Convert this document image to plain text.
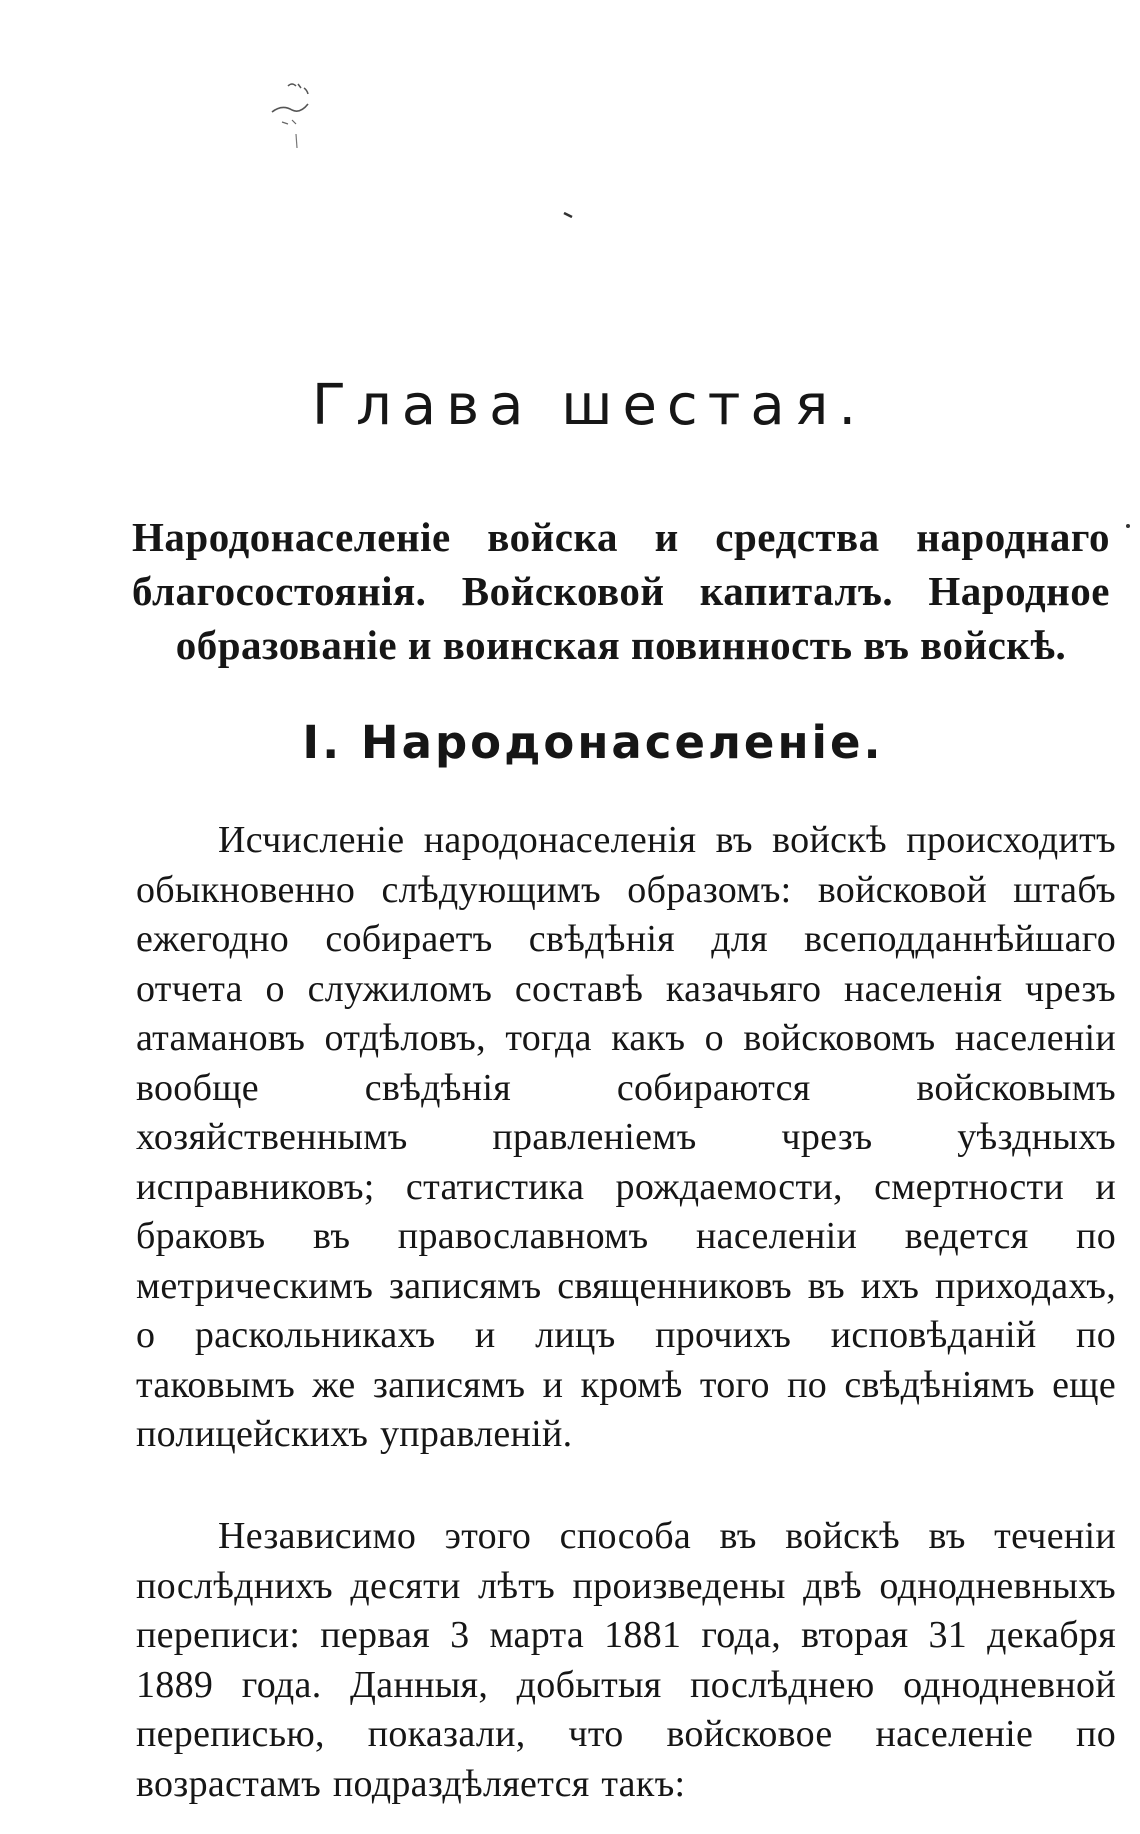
Глава шестая.

Народонаселеніе войска и средства народнаго благосостоянія. Войсковой капиталъ. Народное образованіе и воинская повинность въ войскѣ.

I. Народонаселеніе.

Исчисленіе народонаселенія въ войскѣ происходитъ обыкновенно слѣдующимъ образомъ: войсковой штабъ ежегодно собираетъ свѣдѣнія для всеподданнѣйшаго отчета о служиломъ составѣ казачьяго населенія чрезъ атамановъ отдѣловъ, тогда какъ о войсковомъ населеніи вообще свѣдѣнія собираются войсковымъ хозяйственнымъ правленіемъ чрезъ уѣздныхъ исправниковъ; статистика рождаемости, смертности и браковъ въ православномъ населеніи ведется по метрическимъ записямъ священниковъ въ ихъ приходахъ, о раскольникахъ и лицъ прочихъ исповѣданій по таковымъ же записямъ и кромѣ того по свѣдѣніямъ еще полицейскихъ управленій.

Независимо этого способа въ войскѣ въ теченіи послѣднихъ десяти лѣтъ произведены двѣ однодневныхъ переписи: первая 3 марта 1881 года, вторая 31 декабря 1889 года. Данныя, добытыя послѣднею однодневной переписью, показали, что войсковое населеніе по возрастамъ подраздѣляется такъ:
